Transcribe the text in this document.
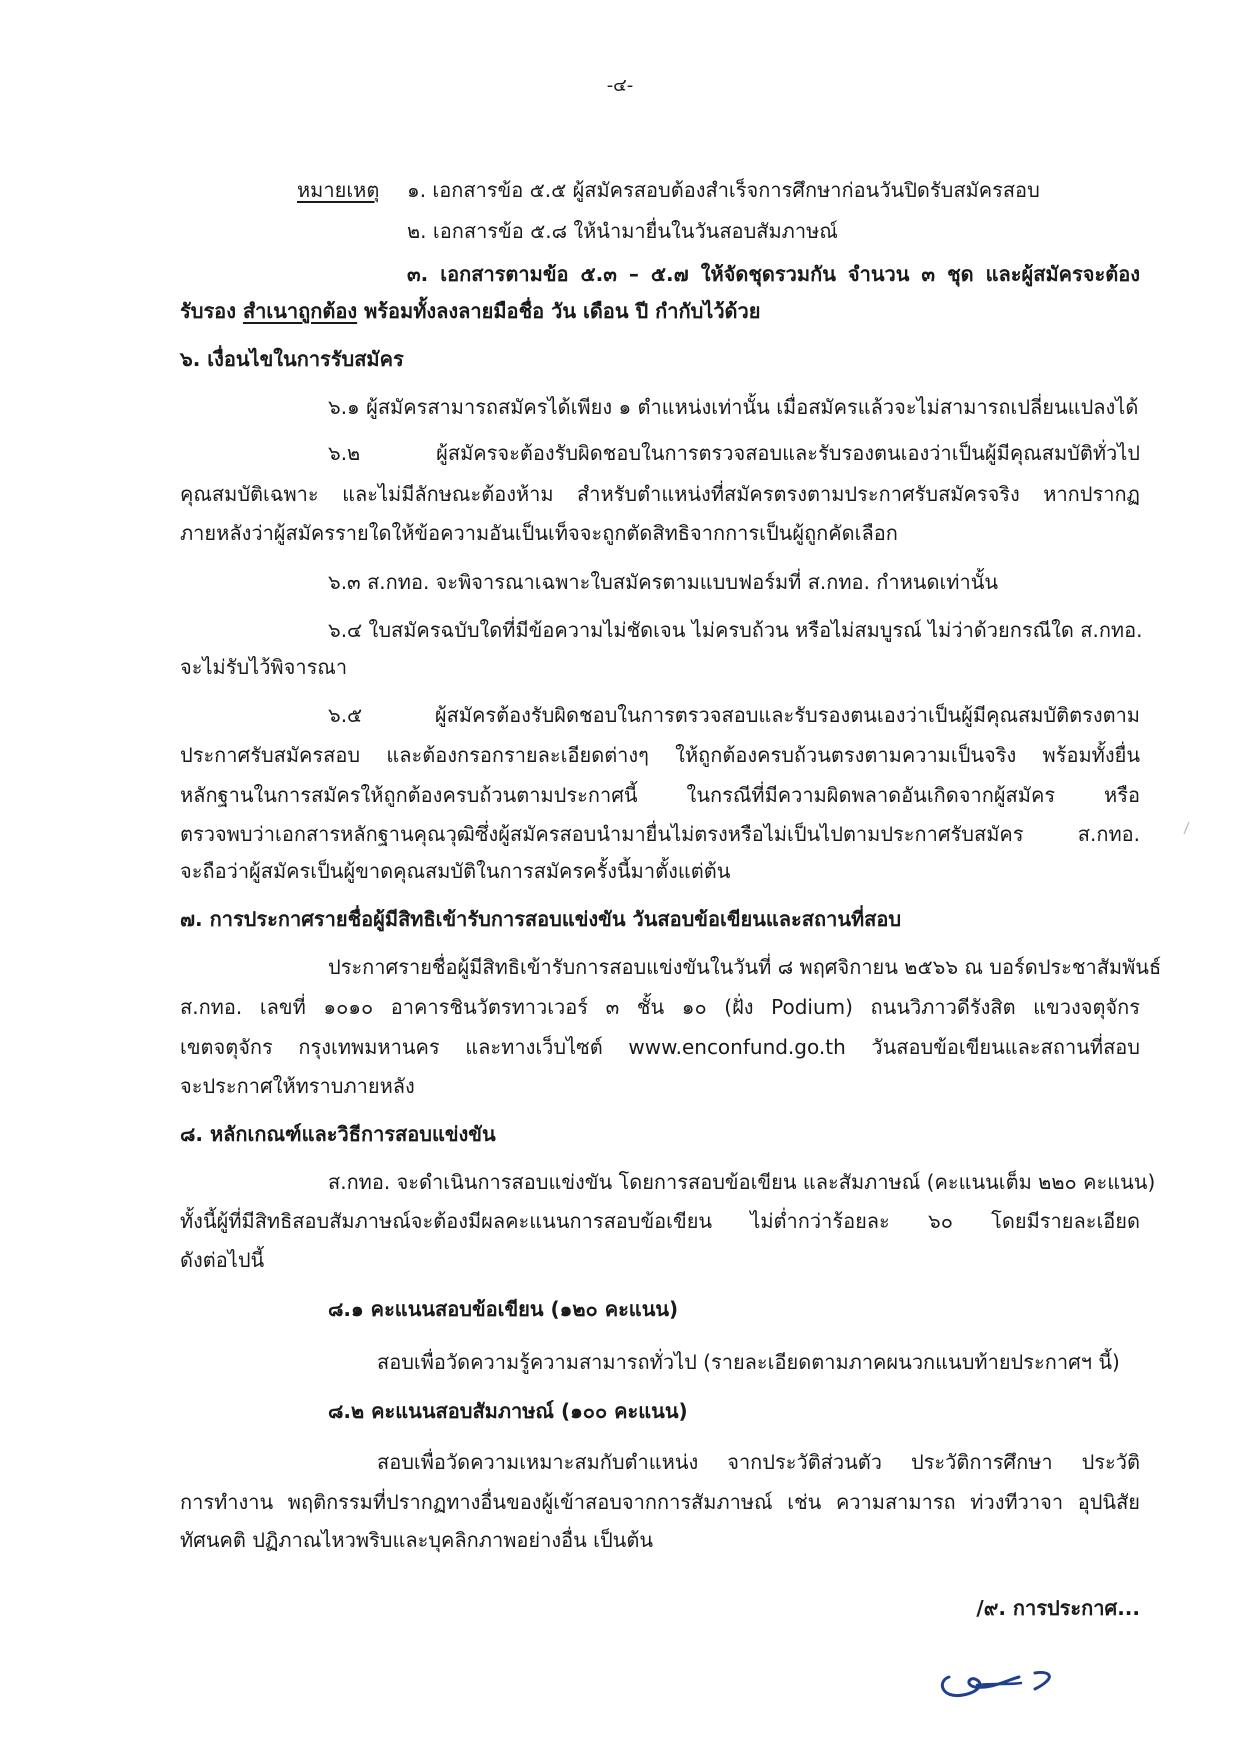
-๔-
หมายเหตุ ๑. เอกสารข้อ ๕.๕ ผู้สมัครสอบต้องสำเร็จการศึกษาก่อนวันปิดรับสมัครสอบ
๒. เอกสารข้อ ๕.๘ ให้นำมายื่นในวันสอบสัมภาษณ์
๓. เอกสารตามข้อ ๕.๓ – ๕.๗ ให้จัดชุดรวมกัน จำนวน ๓ ชุด และผู้สมัครจะต้อง
รับรอง สำเนาถูกต้อง พร้อมทั้งลงลายมือชื่อ วัน เดือน ปี กำกับไว้ด้วย
๖. เงื่อนไขในการรับสมัคร
๖.๑ ผู้สมัครสามารถสมัครได้เพียง ๑ ตำแหน่งเท่านั้น เมื่อสมัครแล้วจะไม่สามารถเปลี่ยนแปลงได้
๖.๒ ผู้สมัครจะต้องรับผิดชอบในการตรวจสอบและรับรองตนเองว่าเป็นผู้มีคุณสมบัติทั่วไป
คุณสมบัติเฉพาะ และไม่มีลักษณะต้องห้าม สำหรับตำแหน่งที่สมัครตรงตามประกาศรับสมัครจริง หากปรากฏ
ภายหลังว่าผู้สมัครรายใดให้ข้อความอันเป็นเท็จจะถูกตัดสิทธิจากการเป็นผู้ถูกคัดเลือก
๖.๓ ส.กทอ. จะพิจารณาเฉพาะใบสมัครตามแบบฟอร์มที่ ส.กทอ. กำหนดเท่านั้น
๖.๔ ใบสมัครฉบับใดที่มีข้อความไม่ชัดเจน ไม่ครบถ้วน หรือไม่สมบูรณ์ ไม่ว่าด้วยกรณีใด ส.กทอ.
จะไม่รับไว้พิจารณา
๖.๕ ผู้สมัครต้องรับผิดชอบในการตรวจสอบและรับรองตนเองว่าเป็นผู้มีคุณสมบัติตรงตาม
ประกาศรับสมัครสอบ และต้องกรอกรายละเอียดต่างๆ ให้ถูกต้องครบถ้วนตรงตามความเป็นจริง พร้อมทั้งยื่น
หลักฐานในการสมัครให้ถูกต้องครบถ้วนตามประกาศนี้ ในกรณีที่มีความผิดพลาดอันเกิดจากผู้สมัคร หรือ
ตรวจพบว่าเอกสารหลักฐานคุณวุฒิซึ่งผู้สมัครสอบนำมายื่นไม่ตรงหรือไม่เป็นไปตามประกาศรับสมัคร ส.กทอ.
จะถือว่าผู้สมัครเป็นผู้ขาดคุณสมบัติในการสมัครครั้งนี้มาตั้งแต่ต้น
๗. การประกาศรายชื่อผู้มีสิทธิเข้ารับการสอบแข่งขัน วันสอบข้อเขียนและสถานที่สอบ
ประกาศรายชื่อผู้มีสิทธิเข้ารับการสอบแข่งขันในวันที่ ๘ พฤศจิกายน ๒๕๖๖ ณ บอร์ดประชาสัมพันธ์
ส.กทอ. เลขที่ ๑๐๑๐ อาคารชินวัตรทาวเวอร์ ๓ ชั้น ๑๐ (ฝั่ง Podium) ถนนวิภาวดีรังสิต แขวงจตุจักร
เขตจตุจักร กรุงเทพมหานคร และทางเว็บไซต์ www.enconfund.go.th วันสอบข้อเขียนและสถานที่สอบ
จะประกาศให้ทราบภายหลัง
๘. หลักเกณฑ์และวิธีการสอบแข่งขัน
ส.กทอ. จะดำเนินการสอบแข่งขัน โดยการสอบข้อเขียน และสัมภาษณ์ (คะแนนเต็ม ๒๒๐ คะแนน)
ทั้งนี้ผู้ที่มีสิทธิสอบสัมภาษณ์จะต้องมีผลคะแนนการสอบข้อเขียน ไม่ต่ำกว่าร้อยละ ๖๐ โดยมีรายละเอียด
ดังต่อไปนี้
๘.๑ คะแนนสอบข้อเขียน (๑๒๐ คะแนน)
สอบเพื่อวัดความรู้ความสามารถทั่วไป (รายละเอียดตามภาคผนวกแนบท้ายประกาศฯ นี้)
๘.๒ คะแนนสอบสัมภาษณ์ (๑๐๐ คะแนน)
สอบเพื่อวัดความเหมาะสมกับตำแหน่ง จากประวัติส่วนตัว ประวัติการศึกษา ประวัติ
การทำงาน พฤติกรรมที่ปรากฏทางอื่นของผู้เข้าสอบจากการสัมภาษณ์ เช่น ความสามารถ ท่วงทีวาจา อุปนิสัย
ทัศนคติ ปฏิภาณไหวพริบและบุคลิกภาพอย่างอื่น เป็นต้น
/๙. การประกาศ...
